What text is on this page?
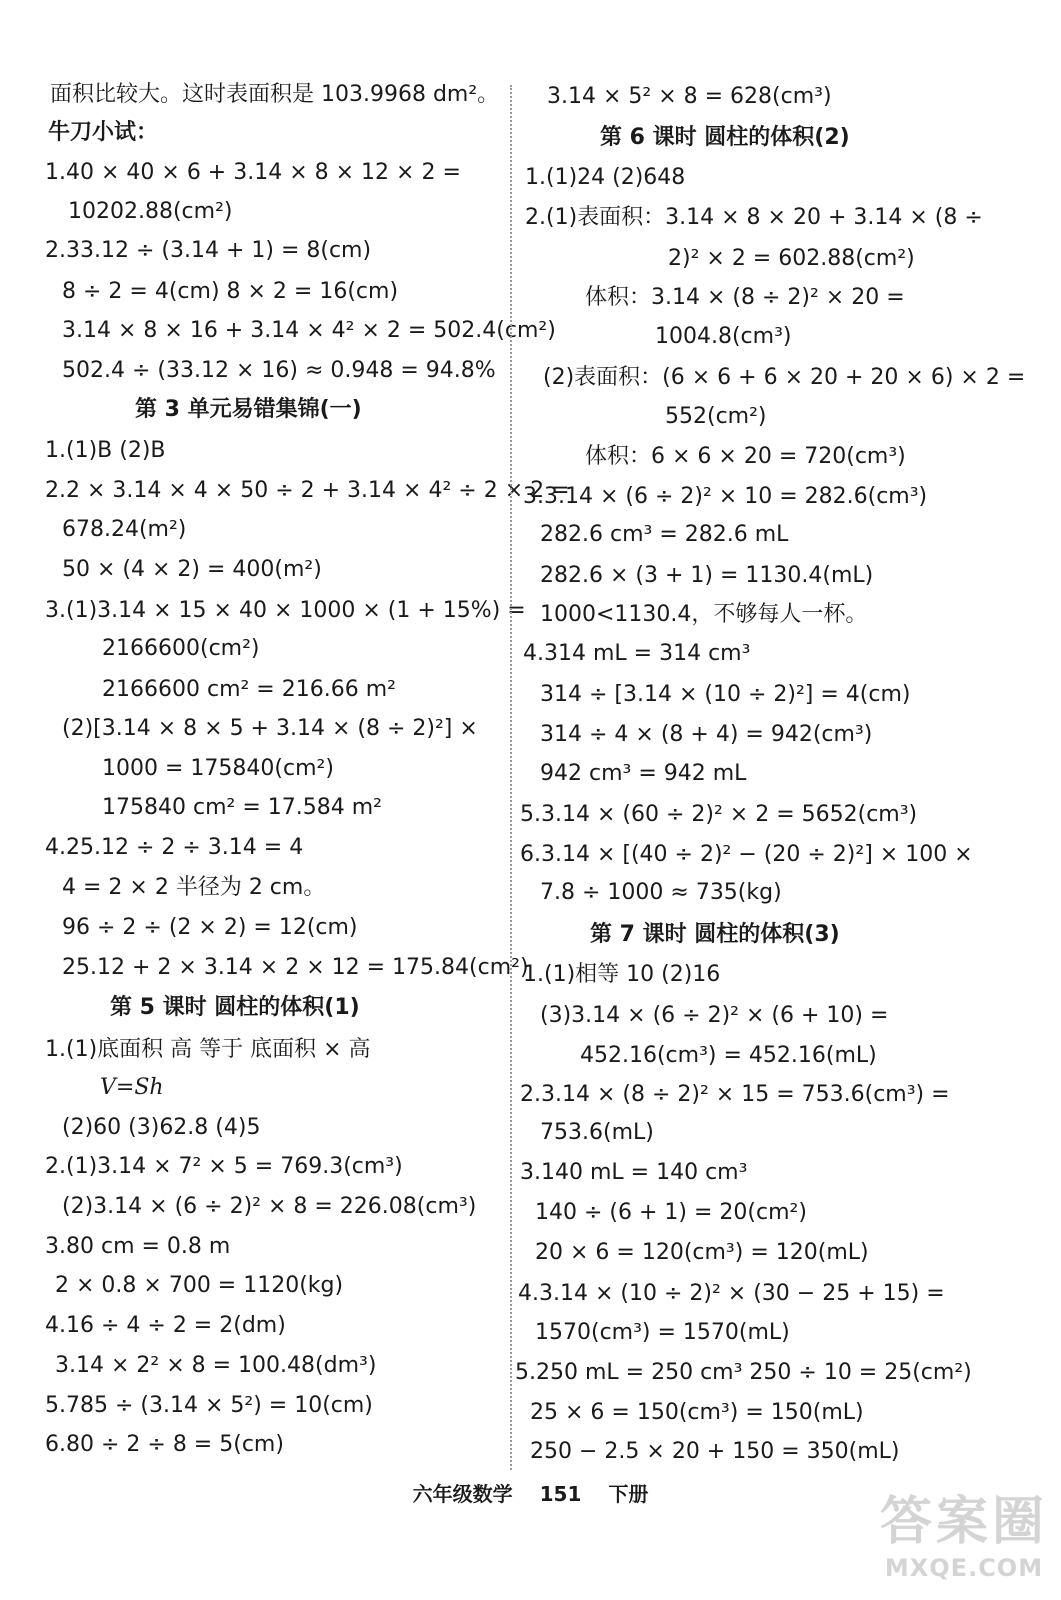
面积比较大。这时表面积是 103.9968 dm²。
牛刀小试：
1.40 × 40 × 6 + 3.14 × 8 × 12 × 2 =
10202.88(cm²)
2.33.12 ÷ (3.14 + 1) = 8(cm)
8 ÷ 2 = 4(cm) 8 × 2 = 16(cm)
3.14 × 8 × 16 + 3.14 × 4² × 2 = 502.4(cm²)
502.4 ÷ (33.12 × 16) ≈ 0.948 = 94.8%
第 3 单元易错集锦(一)
1.(1)B (2)B
2.2 × 3.14 × 4 × 50 ÷ 2 + 3.14 × 4² ÷ 2 × 2 =
678.24(m²)
50 × (4 × 2) = 400(m²)
3.(1)3.14 × 15 × 40 × 1000 × (1 + 15%) =
2166600(cm²)
2166600 cm² = 216.66 m²
(2)[3.14 × 8 × 5 + 3.14 × (8 ÷ 2)²] ×
1000 = 175840(cm²)
175840 cm² = 17.584 m²
4.25.12 ÷ 2 ÷ 3.14 = 4
4 = 2 × 2 半径为 2 cm。
96 ÷ 2 ÷ (2 × 2) = 12(cm)
25.12 + 2 × 3.14 × 2 × 12 = 175.84(cm²)
第 5 课时 圆柱的体积(1)
1.(1)底面积 高 等于 底面积 × 高
V=Sh
(2)60 (3)62.8 (4)5
2.(1)3.14 × 7² × 5 = 769.3(cm³)
(2)3.14 × (6 ÷ 2)² × 8 = 226.08(cm³)
3.80 cm = 0.8 m
2 × 0.8 × 700 = 1120(kg)
4.16 ÷ 4 ÷ 2 = 2(dm)
3.14 × 2² × 8 = 100.48(dm³)
5.785 ÷ (3.14 × 5²) = 10(cm)
6.80 ÷ 2 ÷ 8 = 5(cm)
3.14 × 5² × 8 = 628(cm³)
第 6 课时 圆柱的体积(2)
1.(1)24 (2)648
2.(1)表面积：3.14 × 8 × 20 + 3.14 × (8 ÷
2)² × 2 = 602.88(cm²)
体积：3.14 × (8 ÷ 2)² × 20 =
1004.8(cm³)
(2)表面积：(6 × 6 + 6 × 20 + 20 × 6) × 2 =
552(cm²)
体积：6 × 6 × 20 = 720(cm³)
3.3.14 × (6 ÷ 2)² × 10 = 282.6(cm³)
282.6 cm³ = 282.6 mL
282.6 × (3 + 1) = 1130.4(mL)
1000<1130.4，不够每人一杯。
4.314 mL = 314 cm³
314 ÷ [3.14 × (10 ÷ 2)²] = 4(cm)
314 ÷ 4 × (8 + 4) = 942(cm³)
942 cm³ = 942 mL
5.3.14 × (60 ÷ 2)² × 2 = 5652(cm³)
6.3.14 × [(40 ÷ 2)² − (20 ÷ 2)²] × 100 ×
7.8 ÷ 1000 ≈ 735(kg)
第 7 课时 圆柱的体积(3)
1.(1)相等 10 (2)16
(3)3.14 × (6 ÷ 2)² × (6 + 10) =
452.16(cm³) = 452.16(mL)
2.3.14 × (8 ÷ 2)² × 15 = 753.6(cm³) =
753.6(mL)
3.140 mL = 140 cm³
140 ÷ (6 + 1) = 20(cm²)
20 × 6 = 120(cm³) = 120(mL)
4.3.14 × (10 ÷ 2)² × (30 − 25 + 15) =
1570(cm³) = 1570(mL)
5.250 mL = 250 cm³ 250 ÷ 10 = 25(cm²)
25 × 6 = 150(cm³) = 150(mL)
250 − 2.5 × 20 + 150 = 350(mL)
六年级数学 151 下册	答案圈
MXQE.COM
